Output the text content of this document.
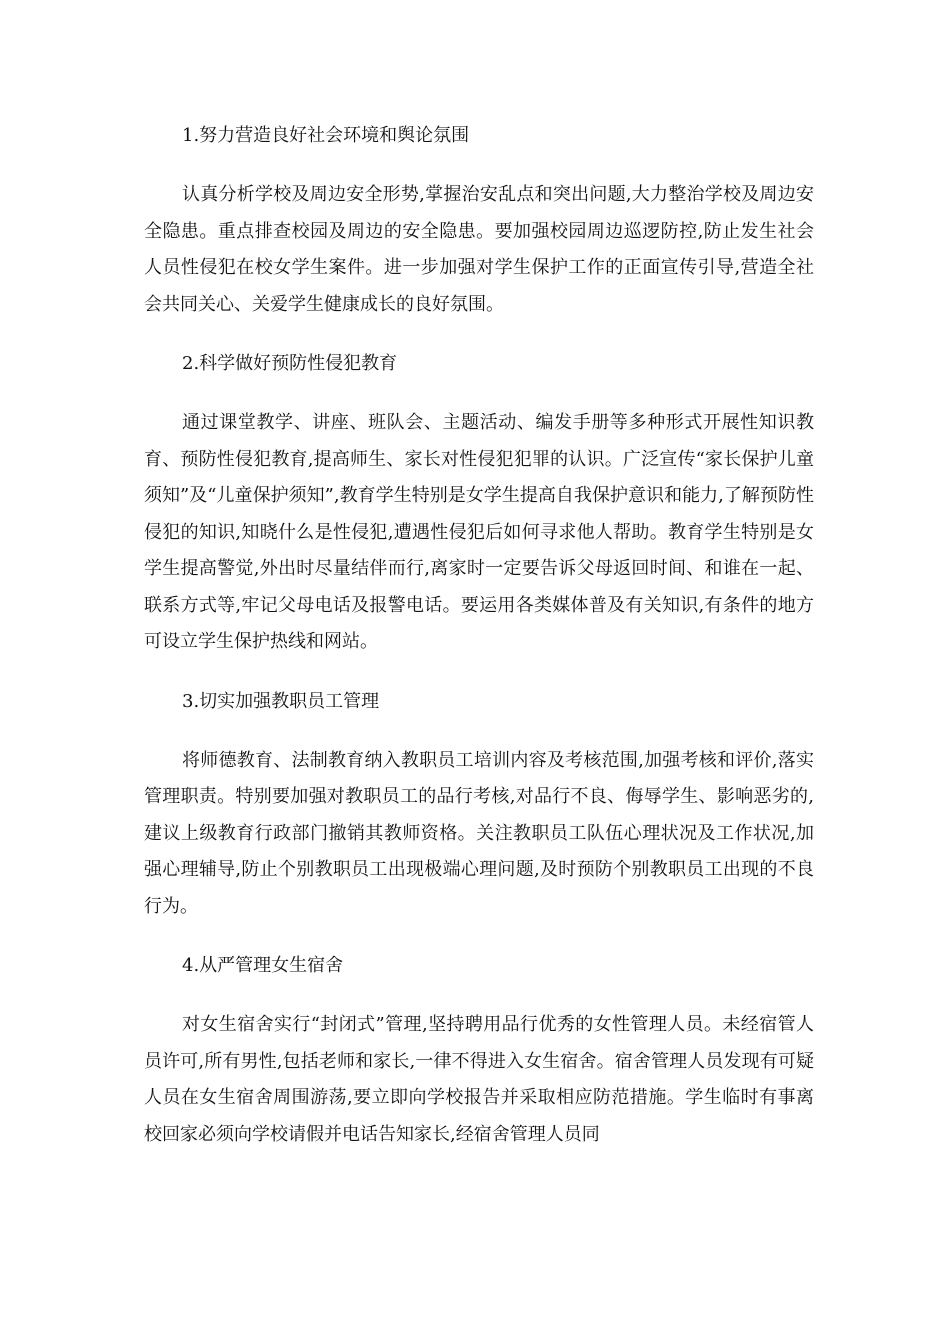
1.努力营造良好社会环境和舆论氛围

认真分析学校及周边安全形势,掌握治安乱点和突出问题,大力整治学校及周边安全隐患。重点排查校园及周边的安全隐患。要加强校园周边巡逻防控,防止发生社会人员性侵犯在校女学生案件。进一步加强对学生保护工作的正面宣传引导,营造全社会共同关心、关爱学生健康成长的良好氛围。

2.科学做好预防性侵犯教育

通过课堂教学、讲座、班队会、主题活动、编发手册等多种形式开展性知识教育、预防性侵犯教育,提高师生、家长对性侵犯犯罪的认识。广泛宣传“家长保护儿童须知”及“儿童保护须知”,教育学生特别是女学生提高自我保护意识和能力,了解预防性侵犯的知识,知晓什么是性侵犯,遭遇性侵犯后如何寻求他人帮助。教育学生特别是女学生提高警觉,外出时尽量结伴而行,离家时一定要告诉父母返回时间、和谁在一起、联系方式等,牢记父母电话及报警电话。要运用各类媒体普及有关知识,有条件的地方可设立学生保护热线和网站。

3.切实加强教职员工管理

将师德教育、法制教育纳入教职员工培训内容及考核范围,加强考核和评价,落实管理职责。特别要加强对教职员工的品行考核,对品行不良、侮辱学生、影响恶劣的,建议上级教育行政部门撤销其教师资格。关注教职员工队伍心理状况及工作状况,加强心理辅导,防止个别教职员工出现极端心理问题,及时预防个别教职员工出现的不良行为。

4.从严管理女生宿舍

对女生宿舍实行“封闭式”管理,坚持聘用品行优秀的女性管理人员。未经宿管人员许可,所有男性,包括老师和家长,一律不得进入女生宿舍。宿舍管理人员发现有可疑人员在女生宿舍周围游荡,要立即向学校报告并采取相应防范措施。学生临时有事离校回家必须向学校请假并电话告知家长,经宿舍管理人员同
